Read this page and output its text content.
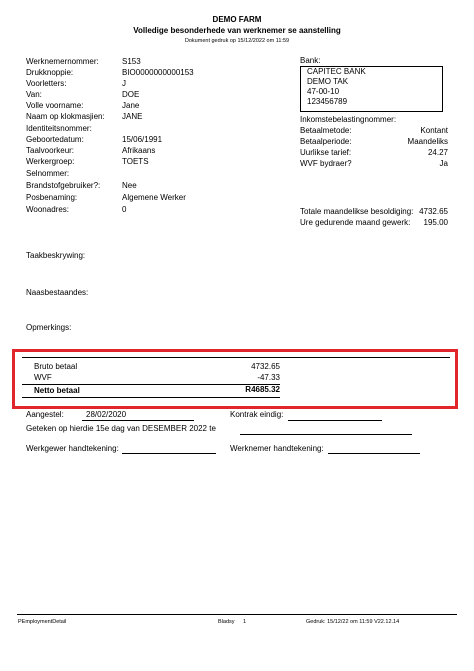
DEMO FARM
Volledige besonderhede van werknemer se aanstelling
Dokument gedruk op 15/12/2022 om 11:59
Werknemernommer:	S153
Drukknoppie:	BIO0000000000153
Voorletters:	J
Van:	DOE
Volle voorname:	Jane
Naam op klokmasjien: JANE
Identiteitsnommer:
Geboortedatum:	15/06/1991
Taalvoorkeur:	Afrikaans
Werkergroep:	TOETS
Selnommer:
Brandstofgebruiker?:	Nee
Posbenaming:	Algemene Werker
Woonadres:	0
Bank:
CAPITEC BANK
DEMO TAK
47-00-10
123456789
Inkomstebelastingnommer:
Betaalmetode:	Kontant
Betaalperiode:	Maandeliks
Uurlikse tarief:	24.27
WVF bydraer?	Ja
Totale maandelikse besoldiging: 4732.65
Ure gedurende maand gewerk: 195.00
Taakbeskrywing:
Naasbestaandes:
Opmerkings:
Bruto betaal	4732.65
WVF	-47.33
Netto betaal	R4685.32
Aangestel:	28/02/2020	Kontrak eindig:
Geteken op hierdie 15e dag van DESEMBER 2022 te
Werkgewer handtekening:	Werknemer handtekening:
PEmploymentDetail	Bladsy 1	Gedruk: 15/12/22 om 11:59 V22.12.14
